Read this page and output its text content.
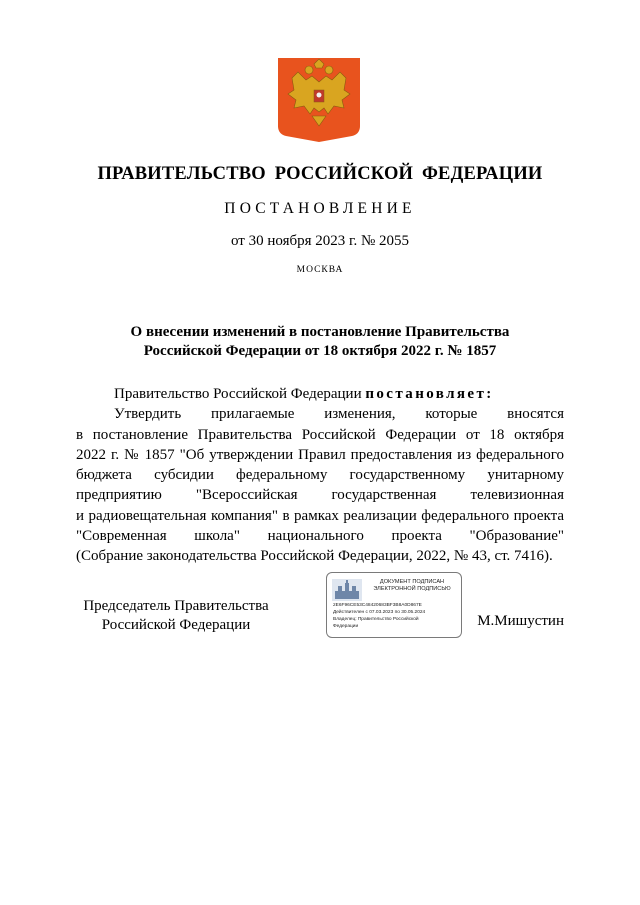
ПРАВИТЕЛЬСТВО РОССИЙСКОЙ ФЕДЕРАЦИИ
ПОСТАНОВЛЕНИЕ
от 30 ноября 2023 г. № 2055
МОСКВА
О внесении изменений в постановление Правительства
Российской Федерации от 18 октября 2022 г. № 1857
Правительство Российской Федерации постановляет:
Утвердить прилагаемые изменения, которые вносятся
в постановление Правительства Российской Федерации от 18 октября
2022 г. № 1857 "Об утверждении Правил предоставления из федерального
бюджета субсидии федеральному государственному унитарному
предприятию "Всероссийская государственная телевизионная
и радиовещательная компания" в рамках реализации федерального проекта
"Современная школа" национального проекта "Образование"
(Собрание законодательства Российской Федерации, 2022, № 43, ст. 7416).
Председатель Правительства
Российской Федерации
ДОКУМЕНТ ПОДПИСАН
ЭЛЕКТРОННОЙ ПОДПИСЬЮ
2E6F96CE53C48420683BF3B8A0D867E
Действителен с 07.03.2023 по 30.05.2024
Владелец: Правительство Российской
Федерации	М.Мишустин
